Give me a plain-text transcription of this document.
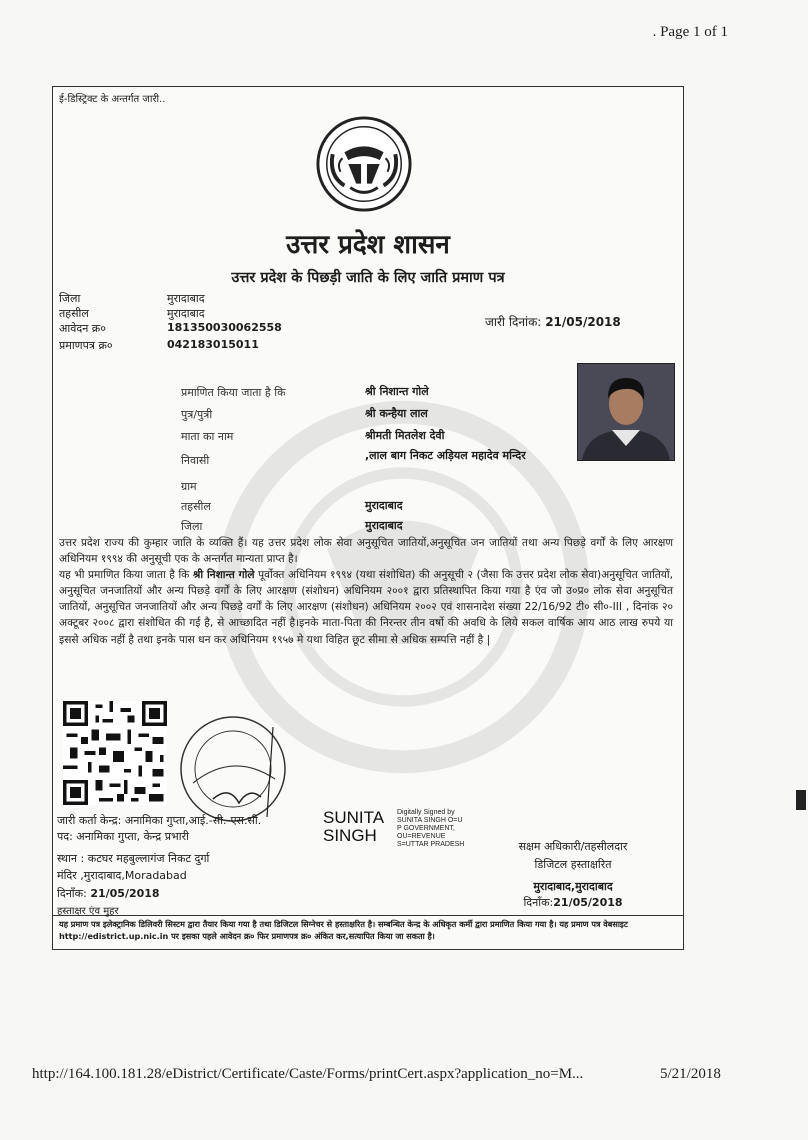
. Page 1 of 1
ई-डिस्ट्रिक्ट के अन्तर्गत जारी..
उत्तर प्रदेश शासन
उत्तर प्रदेश के पिछड़ी जाति के लिए जाति प्रमाण पत्र
जिला	मुरादाबाद
तहसील	मुरादाबाद
आवेदन क्र०	181350030062558
प्रमाणपत्र क्र०	042183015011
जारी दिनांक: 21/05/2018
प्रमाणित किया जाता है कि	श्री निशान्त गोले
पुत्र/पुत्री	श्री कन्हैया लाल
माता का नाम	श्रीमती मितलेश देवी
निवासी	,लाल बाग निकट अड़ियल महादेव मन्दिर
ग्राम
तहसील	मुरादाबाद
जिला	मुरादाबाद
उत्तर प्रदेश राज्य की कुम्हार जाति के व्यक्ति हैं। यह उत्तर प्रदेश लोक सेवा अनुसूचित जातियों,अनुसूचित जन जातियों तथा अन्य पिछड़े वर्गों के लिए आरक्षण अधिनियम १९९४ की अनुसूची एक के अन्तर्गत मान्यता प्राप्त है।
यह भी प्रमाणित किया जाता है कि श्री निशान्त गोले पूर्वोक्त अधिनियम १९९४ (यथा संशोधित) की अनुसूची २ (जैसा कि उत्तर प्रदेश लोक सेवा)अनुसूचित जातियों, अनुसूचित जनजातियों और अन्य पिछड़े वर्गों के लिए आरक्षण (संशोधन) अधिनियम २००१ द्वारा प्रतिस्थापित किया गया है एंव जो उ०प्र० लोक सेवा अनुसूचित जातियों, अनुसूचित जनजातियों और अन्य पिछड़े वर्गों के लिए आरक्षण (संशोधन) अधिनियम २००२ एवं शासनादेश संख्या 22/16/92 टी० सी०-III , दिनांक २० अक्टूबर २००८ द्वारा संशोधित की गई है, से आच्छादित नहीं है।इनके माता-पिता की निरन्तर तीन वर्षो की अवधि के लिये सकल वार्षिक आय आठ लाख रुपये या इससे अधिक नहीं है तथा इनके पास धन कर अधिनियम १९५७ मे यथा विहित छूट सीमा से अधिक सम्पत्ति नहीं है |
जारी कर्ता केन्द्र: अनामिका गुप्ता,आई.-सी.-एस.सी.
पद: अनामिका गुप्ता, केन्द्र प्रभारी
स्थान : कटघर महबुल्लागंज निकट दुर्गा
मंदिर ,मुरादाबाद,Moradabad
दिनाँक: 21/05/2018
हस्ताक्षर एंव मुहर
SUNITA
SINGH
Digitally Signed by
SUNITA SINGH O=U
P GOVERNMENT,
OU=REVENUE
S=UTTAR PRADESH	सक्षम अधिकारी/तहसीलदार
डिजिटल हस्ताक्षरित
मुरादाबाद,मुरादाबाद
दिनाँक:21/05/2018
यह प्रमाण पत्र इलेक्ट्रानिक डिलिवरी सिस्टम द्वारा तैयार किया गया है तथा डिजिटल सिग्नेचर से हस्ताक्षरित है। सम्बन्धित केन्द्र के अधिकृत कर्मी द्वारा प्रमाणित किया गया है। यह प्रमाण पत्र वेबसाइट http://edistrict.up.nic.in पर इसका पहले आवेदन क्र० फिर प्रमाणपत्र क्र० अंकित कर,सत्यापित किया जा सकता है।
http://164.100.181.28/eDistrict/Certificate/Caste/Forms/printCert.aspx?application_no=M...	5/21/2018
